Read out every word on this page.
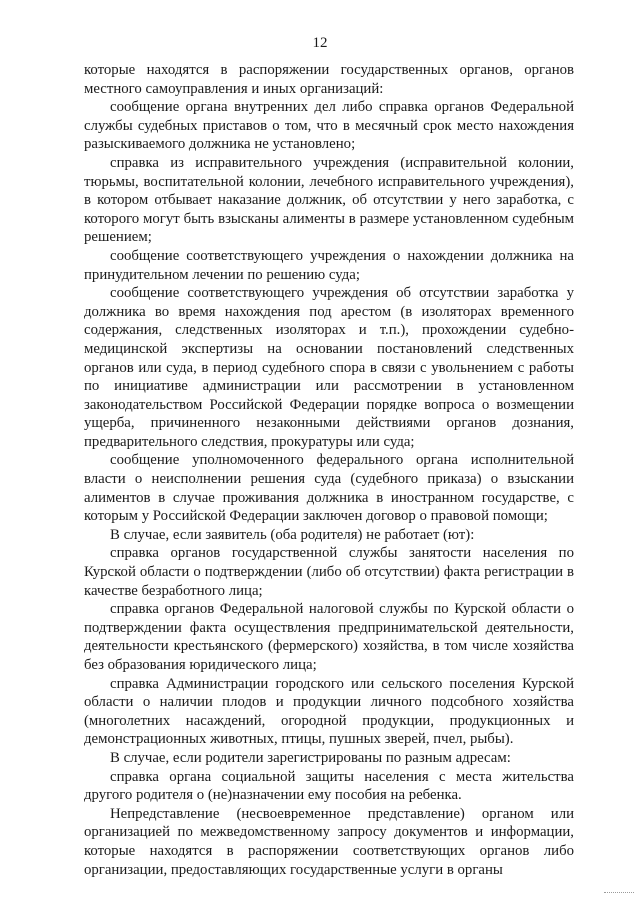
12

которые находятся в распоряжении государственных органов, органов местного самоуправления и иных организаций:

сообщение органа внутренних дел либо справка органов Федеральной службы судебных приставов о том, что в месячный срок место нахождения разыскиваемого должника не установлено;

справка из исправительного учреждения (исправительной колонии, тюрьмы, воспитательной колонии, лечебного исправительного учреждения), в котором отбывает наказание должник, об отсутствии у него заработка, с которого могут быть взысканы алименты в размере установленном судебным решением;

сообщение соответствующего учреждения о нахождении должника на принудительном лечении по решению суда;

сообщение соответствующего учреждения об отсутствии заработка у должника во время нахождения под арестом (в изоляторах временного содержания, следственных изоляторах и т.п.), прохождении судебно-медицинской экспертизы на основании постановлений следственных органов или суда, в период судебного спора в связи с увольнением с работы по инициативе администрации или рассмотрении в установленном законодательством Российской Федерации порядке вопроса о возмещении ущерба, причиненного незаконными действиями органов дознания, предварительного следствия, прокуратуры или суда;

сообщение уполномоченного федерального органа исполнительной власти о неисполнении решения суда (судебного приказа) о взыскании алиментов в случае проживания должника в иностранном государстве, с которым у Российской Федерации заключен договор о правовой помощи;

В случае, если заявитель (оба родителя) не работает (ют):

справка органов государственной службы занятости населения по Курской области о подтверждении (либо об отсутствии) факта регистрации в качестве безработного лица;

справка органов Федеральной налоговой службы по Курской области о подтверждении факта осуществления предпринимательской деятельности, деятельности крестьянского (фермерского) хозяйства, в том числе хозяйства без образования юридического лица;

справка Администрации городского или сельского поселения Курской области о наличии плодов и продукции личного подсобного хозяйства (многолетних насаждений, огородной продукции, продукционных и демонстрационных животных, птицы, пушных зверей, пчел, рыбы).

В случае, если родители зарегистрированы по разным адресам:

справка органа социальной защиты населения с места жительства другого родителя о (не)назначении ему пособия на ребенка.

Непредставление (несвоевременное представление) органом или организацией по межведомственному запросу документов и информации, которые находятся в распоряжении соответствующих органов либо организации, предоставляющих государственные услуги в органы
